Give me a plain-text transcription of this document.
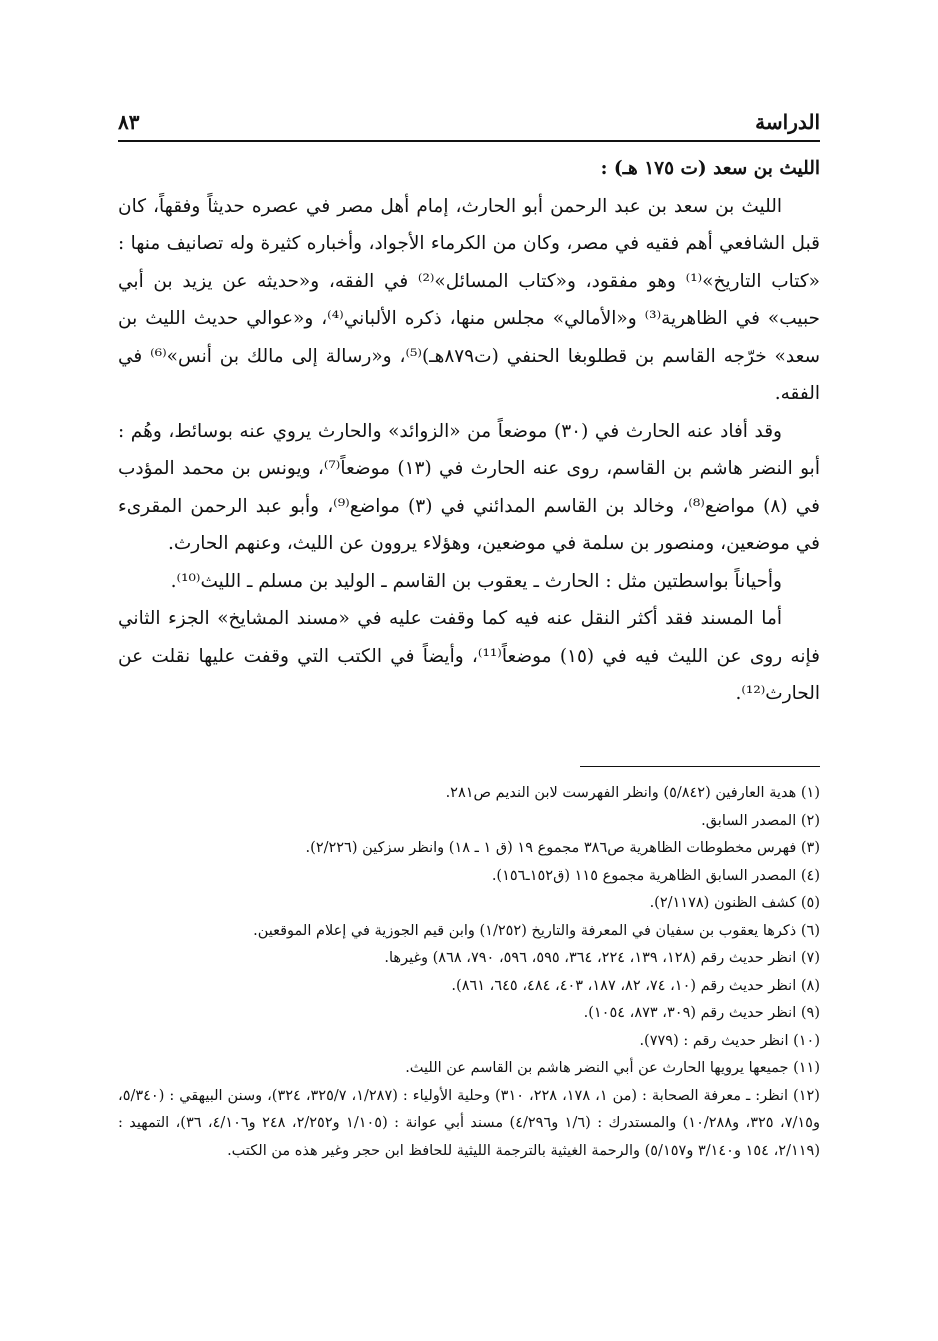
الدراسة
٨٣

الليث بن سعد (ت ١٧٥ هـ) :

الليث بن سعد بن عبد الرحمن أبو الحارث، إمام أهل مصر في عصره حديثاً وفقهاً، كان قبل الشافعي أهم فقيه في مصر، وكان من الكرماء الأجواد، وأخباره كثيرة وله تصانيف منها : «كتاب التاريخ»⁽¹⁾ وهو مفقود، و«كتاب المسائل»⁽²⁾ في الفقه، و«حديثه عن يزيد بن أبي حبيب» في الظاهرية⁽³⁾ و«الأمالي» مجلس منها، ذكره الألباني⁽⁴⁾، و«عوالي حديث الليث بن سعد» خرّجه القاسم بن قطلوبغا الحنفي (ت٨٧٩هـ)⁽⁵⁾، و«رسالة إلى مالك بن أنس»⁽⁶⁾ في الفقه.

وقد أفاد عنه الحارث في (٣٠) موضعاً من «الزوائد» والحارث يروي عنه بوسائط، وهُم : أبو النضر هاشم بن القاسم، روى عنه الحارث في (١٣) موضعاً⁽⁷⁾، ويونس بن محمد المؤدب في (٨) مواضع⁽⁸⁾، وخالد بن القاسم المدائني في (٣) مواضع⁽⁹⁾، وأبو عبد الرحمن المقرىء في موضعين، ومنصور بن سلمة في موضعين، وهؤلاء يروون عن الليث، وعنهم الحارث.

وأحياناً بواسطتين مثل : الحارث ـ يعقوب بن القاسم ـ الوليد بن مسلم ـ الليث⁽¹⁰⁾.

أما المسند فقد أكثر النقل عنه فيه كما وقفت عليه في «مسند المشايخ» الجزء الثاني فإنه روى عن الليث فيه في (١٥) موضعاً⁽¹¹⁾، وأيضاً في الكتب التي وقفت عليها نقلت عن الحارث⁽¹²⁾.

(١) هدية العارفين (٥/٨٤٢) وانظر الفهرست لابن النديم ص٢٨١.

(٢) المصدر السابق.

(٣) فهرس مخطوطات الظاهرية ص٣٨٦ مجموع ١٩ (ق ١ ـ ١٨) وانظر سزكين (٢/٢٢٦).

(٤) المصدر السابق الظاهرية مجموع ١١٥ (ق١٥٢ـ١٥٦).

(٥) كشف الظنون (٢/١١٧٨).

(٦) ذكرها يعقوب بن سفيان في المعرفة والتاريخ (١/٢٥٢) وابن قيم الجوزية في إعلام الموقعين.

(٧) انظر حديث رقم (١٢٨، ١٣٩، ٢٢٤، ٣٦٤، ٥٩٥، ٥٩٦، ٧٩٠، ٨٦٨) وغيرها.

(٨) انظر حديث رقم (١٠، ٧٤، ٨٢، ١٨٧، ٤٠٣، ٤٨٤، ٦٤٥، ٨٦١).

(٩) انظر حديث رقم (٣٠٩، ٨٧٣، ١٠٥٤).

(١٠) انظر حديث رقم : (٧٧٩).

(١١) جميعها يرويها الحارث عن أبي النضر هاشم بن القاسم عن الليث.

(١٢) انظر: ـ معرفة الصحابة : (من ١، ١٧٨، ٢٢٨، ٣١٠) وحلية الأولياء : (١/٢٨٧، ٣٢٥/٧، ٣٢٤)، وسنن البيهقي : (٥/٣٤٠، و٧/١٥، ٣٢٥، و١٠/٢٨٨) والمستدرك : (١/٦ و٤/٢٩٦) مسند أبي عوانة : (١/١٠٥ و٢/٢٥٢، ٢٤٨ و٤/١٠٦، ٣٦)، التمهيد : (٢/١١٩، ١٥٤ و٣/١٤٠ و٥/١٥٧) والرحمة الغيثية بالترجمة الليثية للحافظ ابن حجر وغير هذه من الكتب.
